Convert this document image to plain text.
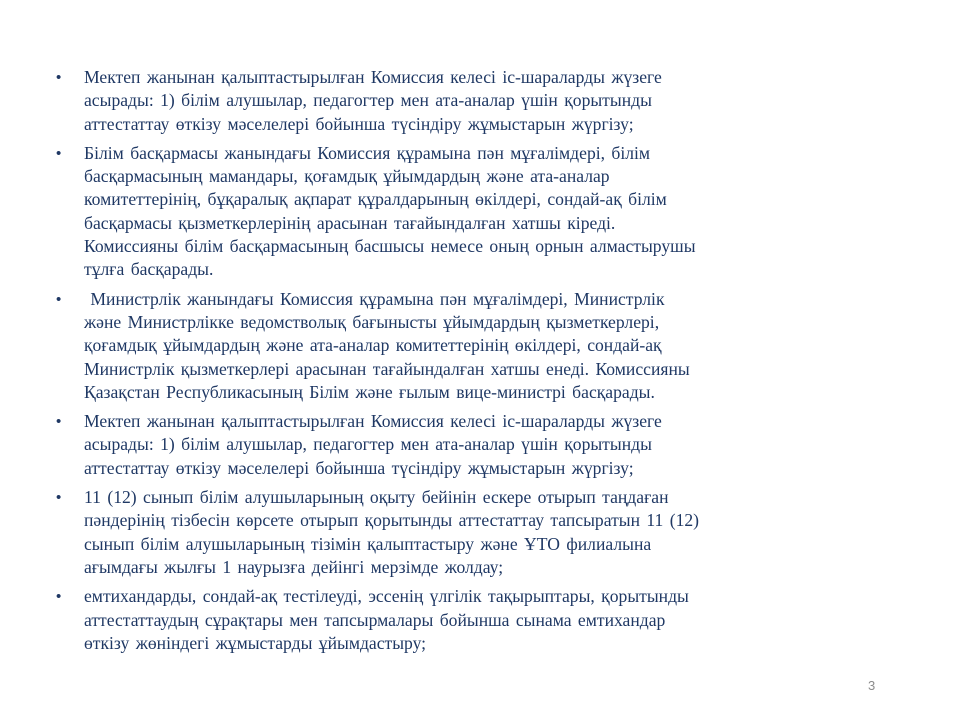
•	Мектеп жанынан қалыптастырылған Комиссия келесі іс-шараларды жүзеге
асырады: 1) білім алушылар, педагогтер мен ата-аналар үшін қорытынды
аттестаттау өткізу мәселелері бойынша түсіндіру жұмыстарын жүргізу;
•	Білім басқармасы жанындағы Комиссия құрамына пән мұғалімдері, білім
басқармасының мамандары, қоғамдық ұйымдардың және ата-аналар
комитеттерінің, бұқаралық ақпарат құралдарының өкілдері, сондай-ақ білім
басқармасы қызметкерлерінің арасынан тағайындалған хатшы кіреді.
Комиссияны білім басқармасының басшысы немесе оның орнын алмастырушы
тұлға басқарады.
•	Министрлік жанындағы Комиссия құрамына пән мұғалімдері, Министрлік
және Министрлікке ведомстволық бағынысты ұйымдардың қызметкерлері,
қоғамдық ұйымдардың және ата-аналар комитеттерінің өкілдері, сондай-ақ
Министрлік қызметкерлері арасынан тағайындалған хатшы енеді. Комиссияны
Қазақстан Республикасының Білім және ғылым вице-министрі басқарады.
•	Мектеп жанынан қалыптастырылған Комиссия келесі іс-шараларды жүзеге
асырады: 1) білім алушылар, педагогтер мен ата-аналар үшін қорытынды
аттестаттау өткізу мәселелері бойынша түсіндіру жұмыстарын жүргізу;
•	11 (12) сынып білім алушыларының оқыту бейінін ескере отырып таңдаған
пәндерінің тізбесін көрсете отырып қорытынды аттестаттау тапсыратын 11 (12)
сынып білім алушыларының тізімін қалыптастыру және ҰТО филиалына
ағымдағы жылғы 1 наурызға дейінгі мерзімде жолдау;
•	емтихандарды, сондай-ақ тестілеуді, эссенің үлгілік тақырыптары, қорытынды
аттестаттаудың сұрақтары мен тапсырмалары бойынша сынама емтихандар
өткізу жөніндегі жұмыстарды ұйымдастыру;
3
